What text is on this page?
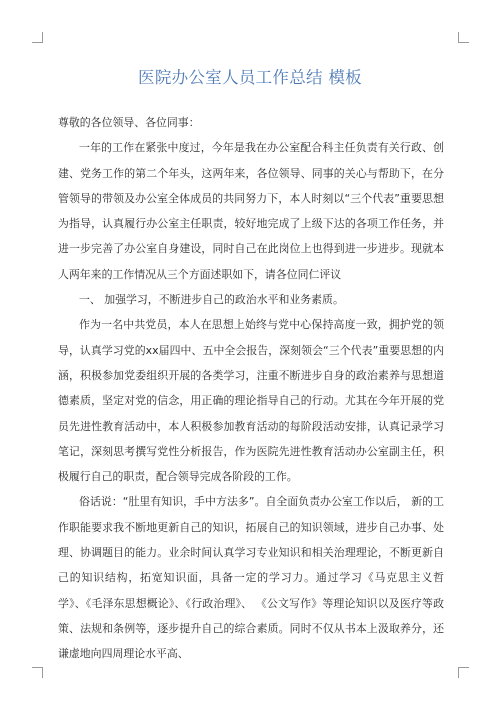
医院办公室人员工作总结 模板

尊敬的各位领导、各位同事：

一年的工作在紧张中度过，今年是我在办公室配合科主任负责有关行政、创建、党务工作的第二个年头，这两年来，各位领导、同事的关心与帮助下，在分管领导的带领及办公室全体成员的共同努力下，本人时刻以“三个代表”重要思想为指导，认真履行办公室主任职责，较好地完成了上级下达的各项工作任务，并进一步完善了办公室自身建设，同时自己在此岗位上也得到进一步进步。现就本人两年来的工作情况从三个方面述职如下，请各位同仁评议

一、 加强学习，不断进步自己的政治水平和业务素质。

作为一名中共党员，本人在思想上始终与党中心保持高度一致，拥护党的领导，认真学习党的xx届四中、五中全会报告，深刻领会“三个代表”重要思想的内涵，积极参加党委组织开展的各类学习，注重不断进步自身的政治素养与思想道德素质，坚定对党的信念，用正确的理论指导自己的行动。尤其在今年开展的党员先进性教育活动中，本人积极参加教育活动的每阶段活动安排，认真记录学习笔记，深刻思考撰写党性分析报告，作为医院先进性教育活动办公室副主任，积极履行自己的职责，配合领导完成各阶段的工作。

俗话说：“肚里有知识，手中方法多”。自全面负责办公室工作以后， 新的工作职能要求我不断地更新自己的知识，拓展自己的知识领域，进步自己办事、处理、协调题目的能力。业余时间认真学习专业知识和相关治理理论，不断更新自己的知识结构，拓宽知识面，具备一定的学习力。通过学习《马克思主义哲学》、《毛泽东思想概论》、《行政治理》、 《公文写作》等理论知识以及医疗等政策、法规和条例等，逐步提升自己的综合素质。同时不仅从书本上汲取养分，还谦虚地向四周理论水平高、
